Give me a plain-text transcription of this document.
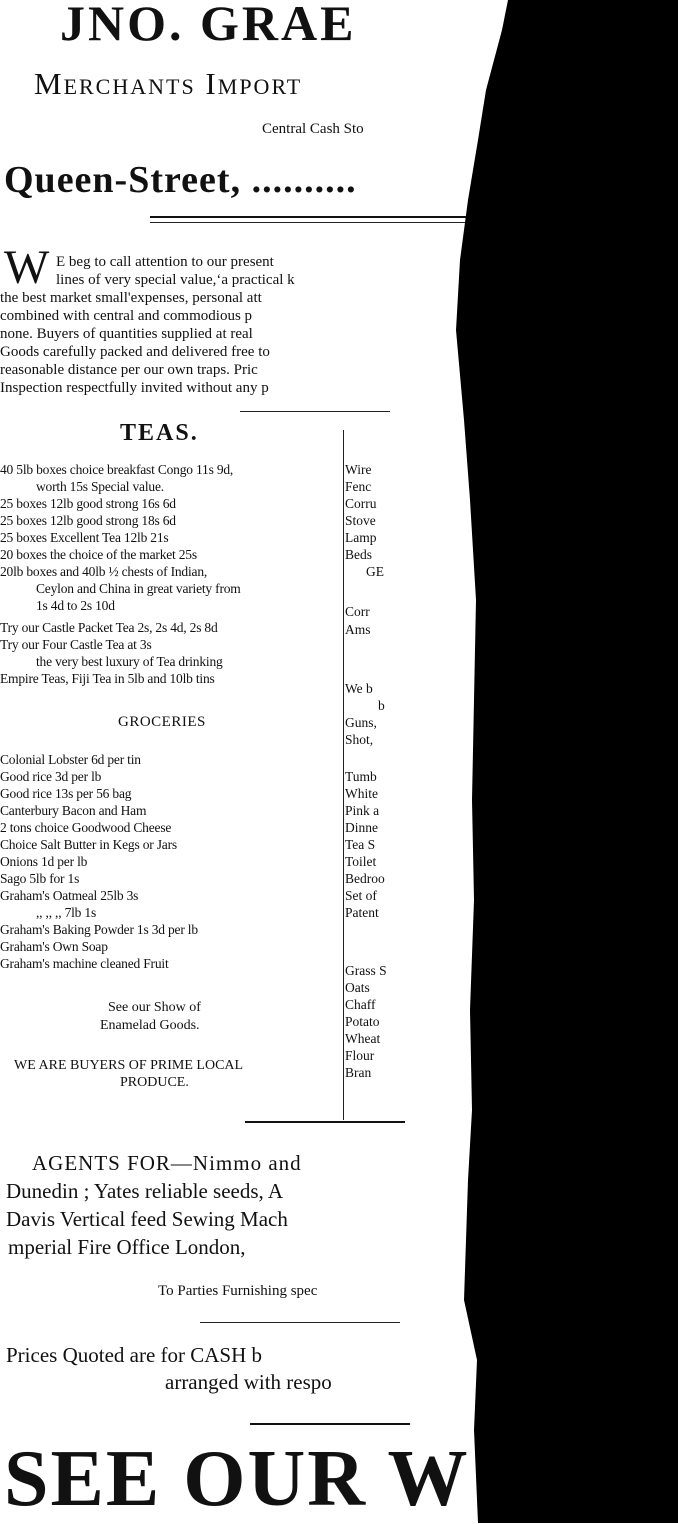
JNO. GRAE
Merchants Import
Central Cash Sto
Queen-Street, ..........
W E beg to call attention to our present
lines of very special value,‘a practical k
the best market small'expenses, personal att
combined with central and commodious p
none. Buyers of quantities supplied at real
Goods carefully packed and delivered free to
reasonable distance per our own traps. Pric
Inspection respectfully invited without any p
TEAS.
40 5lb boxes choice breakfast Congo 11s 9d,
worth 15s Special value.
25 boxes 12lb good strong 16s 6d
25 boxes 12lb good strong 18s 6d
25 boxes Excellent Tea 12lb 21s
20 boxes the choice of the market 25s
20lb boxes and 40lb ½ chests of Indian,
Ceylon and China in great variety from
1s 4d to 2s 10d
Try our Castle Packet Tea 2s, 2s 4d, 2s 8d
Try our Four Castle Tea at 3s
the very best luxury of Tea drinking
Empire Teas, Fiji Tea in 5lb and 10lb tins
GROCERIES
Colonial Lobster 6d per tin
Good rice 3d per lb
Good rice 13s per 56 bag
Canterbury Bacon and Ham
2 tons choice Goodwood Cheese
Choice Salt Butter in Kegs or Jars
Onions 1d per lb
Sago 5lb for 1s
Graham's Oatmeal 25lb 3s
,, ,, ,, 7lb 1s
Graham's Baking Powder 1s 3d per lb
Graham's Own Soap
Graham's machine cleaned Fruit
See our Show of
Enamelad Goods.
WE ARE BUYERS OF PRIME LOCAL
PRODUCE.
Wire
Fenc
Corru
Stove
Lamp
Beds
GE
Corr
Ams
We b
b
Guns,
Shot,
Tumb
White
Pink a
Dinne
Tea S
Toilet
Bedroo
Set of
Patent
Grass S
Oats
Chaff
Potato
Wheat
Flour
Bran
AGENTS FOR—Nimmo and
Dunedin ; Yates reliable seeds, A
Davis Vertical feed Sewing Mach
mperial Fire Office London,
To Parties Furnishing spec
Prices Quoted are for CASH b
arranged with respo
SEE OUR W
